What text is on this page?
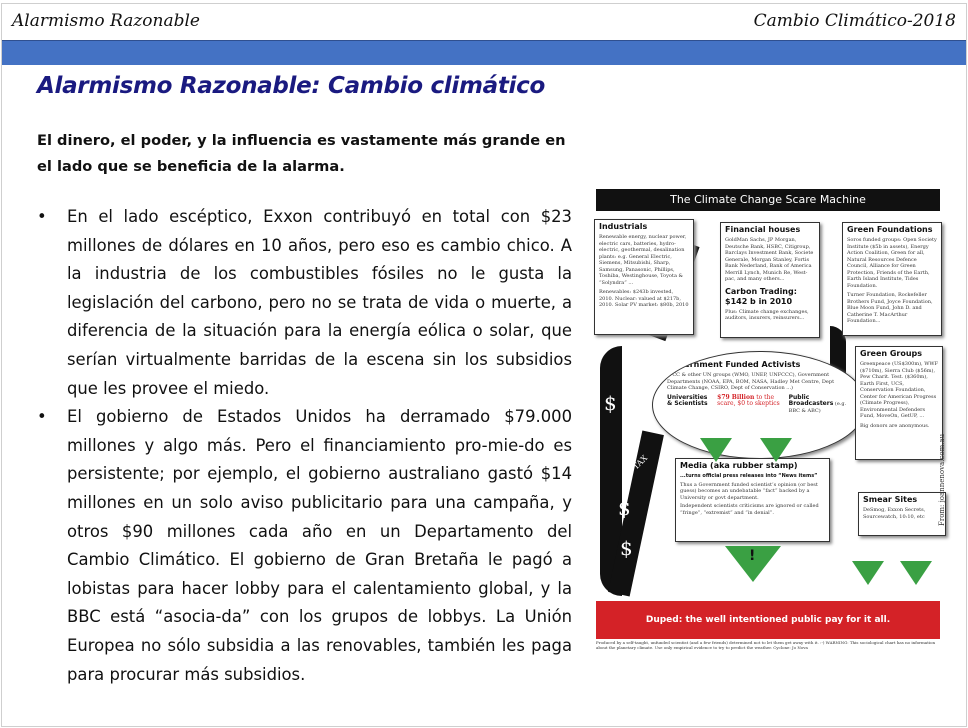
Alarmismo Razonable	Cambio Climático-2018
Alarmismo Razonable: Cambio climático
El dinero, el poder, y la influencia es vastamente más grande en el lado que se beneficia de la alarma.
• En el lado escéptico, Exxon contribuyó en total con $23 millones de dólares en 10 años, pero eso es cambio chico. A la industria de los combustibles fósiles no le gusta la legislación del carbono, pero no se trata de vida o muerte, a diferencia de la situación para la energía eólica o solar, que serían virtualmente barridas de la escena sin los subsidios que les provee el miedo.
• El gobierno de Estados Unidos ha derramado $79.000 millones y algo más. Pero el financiamiento pro-mie-do es persistente; por ejemplo, el gobierno australiano gastó $14 millones en un solo aviso publicitario para una campaña, y otros $90 millones cada año en un Departamento del Cambio Climático. El gobierno de Gran Bretaña le pagó a lobistas para hacer lobby para el calentamiento global, y la BBC está “asocia-da” con los grupos de lobbys. La Unión Europea no sólo subsidia a las renovables, también les paga para procurar más subsidios.
The Climate Change Scare Machine
$
$
$
TAX
Industrials
Renewable energy, nuclear power, electric cars, batteries, hydro-electric, geothermal, desalination plants: e.g. General Electric, Siemens, Mitsubishi, Sharp, Samsung, Panasonic, Phillips, Toshiba, Westinghouse, Toyota & “Solyndra” ...
Renewables: $243b invested, 2010. Nuclear: valued at $217b, 2010. Solar PV market: $80b, 2010
Financial houses
GoldMan Sachs, JP Morgan, Deutsche Bank, HSBC, Citigroup, Barclays Investment Bank, Societe Generale, Morgan Stanley, Fortis Bank Nederland, Bank of America Merrill Lynch, Munich Re, West-pac, and many others...
Carbon Trading: $142 b in 2010
Plus: Climate change exchanges, auditors, insurers, reinsurers...
Green Foundations
Soros funded groups: Open Society Institute ($5b in assets), Energy Action Coalition, Green for all, Natural Resources Defence Council, Alliance for Green Protection, Friends of the Earth, Earth Island Institute, Tides Foundation.
Turner Foundation, Rockefeller Brothers Fund, Joyce Foundation, Blue Moon Fund, John D. and Catherine T. MacArthur Foundation...
Government Funded Activists
IPCC & other UN groups (WMO, UNEP, UNFCCC), Government Departments (NOAA, EPA, BOM, NASA, Hadley Met Centre, Dept Climate Change, CSIRO, Dept of Conservation ...)
Universities & Scientists
$79 Billion to the scare, $0 to skeptics
Public Broadcasters (e.g. BBC & ABC)
Green Groups
Greenpeace (US$300m), WWF ($710m), Sierra Club ($56m), Pew Charit. Test. ($360m), Earth First, UCS, Conservation Foundation, Center for American Progress (Climate Progress), Environmental Defenders Fund, MoveOn, GetUP, ...
Big donors are anonymous.
Media (aka rubber stamp)
...turns official press releases into “News items”
Thus a Government funded scientist’s opinion (or best guess) becomes an undebatable “fact” backed by a University or govt department.
Independent scientists criticisms are ignored or called “fringe”, “extremist” and “in denial”.
Smear Sites
DeSmog, Exxon Secrets, Sourcewatch, 10:10, etc
!
Duped: the well intentioned public pay for it all.
Produced by a self-taught, unfunded scientist (and a few friends) determined not to let them get away with it. :-) WARNING: This sociological chart has no information about the planetary climate. Use only empirical evidence to try to predict the weather. Cyclone: Jo Nova
From: joannenova.com.au
